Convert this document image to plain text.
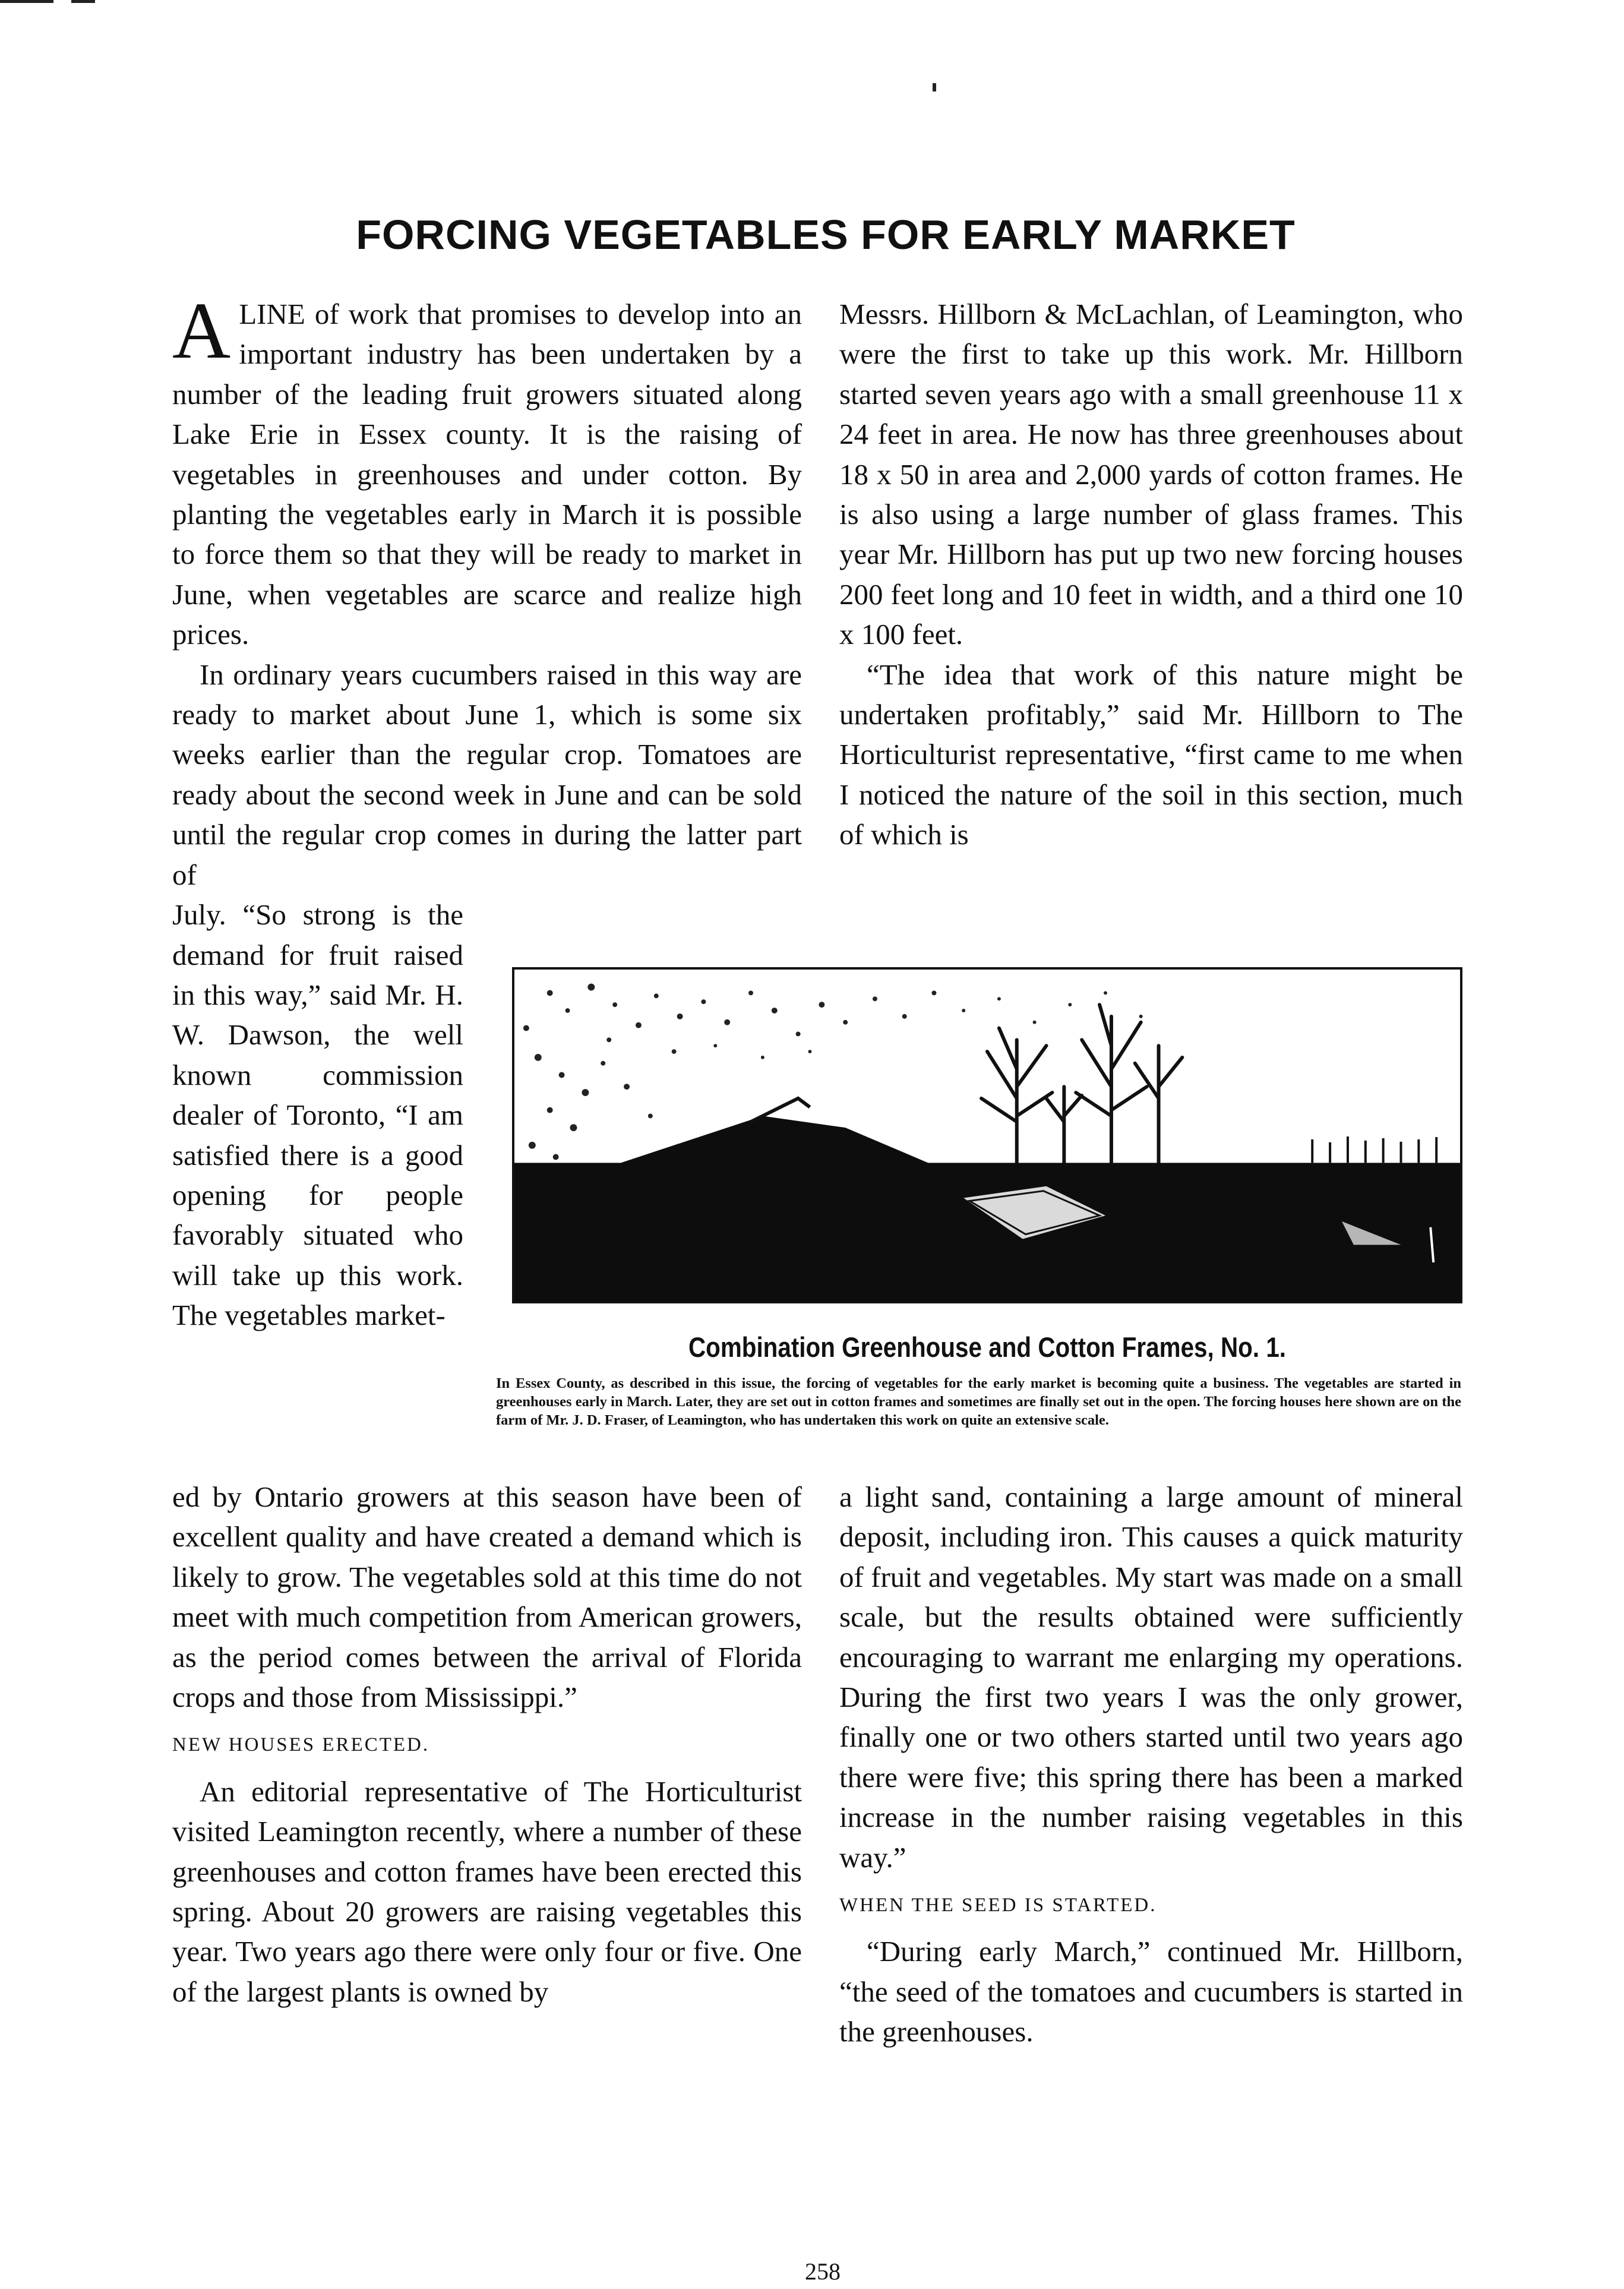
FORCING VEGETABLES FOR EARLY MARKET

ALINE of work that promises to develop into an important industry has been undertaken by a number of the leading fruit growers situated along Lake Erie in Essex county. It is the raising of vegetables in greenhouses and under cotton. By planting the vegetables early in March it is possible to force them so that they will be ready to market in June, when vegetables are scarce and realize high prices.

In ordinary years cucumbers raised in this way are ready to market about June 1, which is some six weeks earlier than the regular crop. Tomatoes are ready about the second week in June and can be sold until the regular crop comes in during the latter part of

July. “So strong is the demand for fruit raised in this way,” said Mr. H. W. Dawson, the well known commission dealer of Toronto, “I am satisfied there is a good opening for people favorably situated who will take up this work. The vegetables market-

Messrs. Hillborn & McLachlan, of Leamington, who were the first to take up this work. Mr. Hillborn started seven years ago with a small greenhouse 11 x 24 feet in area. He now has three greenhouses about 18 x 50 in area and 2,000 yards of cotton frames. He is also using a large number of glass frames. This year Mr. Hillborn has put up two new forcing houses 200 feet long and 10 feet in width, and a third one 10 x 100 feet.

“The idea that work of this nature might be undertaken profitably,” said Mr. Hillborn to The Horticulturist representative, “first came to me when I noticed the nature of the soil in this section, much of which is

Combination Greenhouse and Cotton Frames, No. 1.

In Essex County, as described in this issue, the forcing of vegetables for the early market is becoming quite a business. The vegetables are started in greenhouses early in March. Later, they are set out in cotton frames and sometimes are finally set out in the open. The forcing houses here shown are on the farm of Mr. J. D. Fraser, of Leamington, who has undertaken this work on quite an extensive scale.

ed by Ontario growers at this season have been of excellent quality and have created a demand which is likely to grow. The vegetables sold at this time do not meet with much competition from American growers, as the period comes between the arrival of Florida crops and those from Mississippi.”

NEW HOUSES ERECTED.

An editorial representative of The Horticulturist visited Leamington recently, where a number of these greenhouses and cotton frames have been erected this spring. About 20 growers are raising vegetables this year. Two years ago there were only four or five. One of the largest plants is owned by

a light sand, containing a large amount of mineral deposit, including iron. This causes a quick maturity of fruit and vegetables. My start was made on a small scale, but the results obtained were sufficiently encouraging to warrant me enlarging my operations. During the first two years I was the only grower, finally one or two others started until two years ago there were five; this spring there has been a marked increase in the number raising vegetables in this way.”

WHEN THE SEED IS STARTED.

“During early March,” continued Mr. Hillborn, “the seed of the tomatoes and cucumbers is started in the greenhouses.

258
